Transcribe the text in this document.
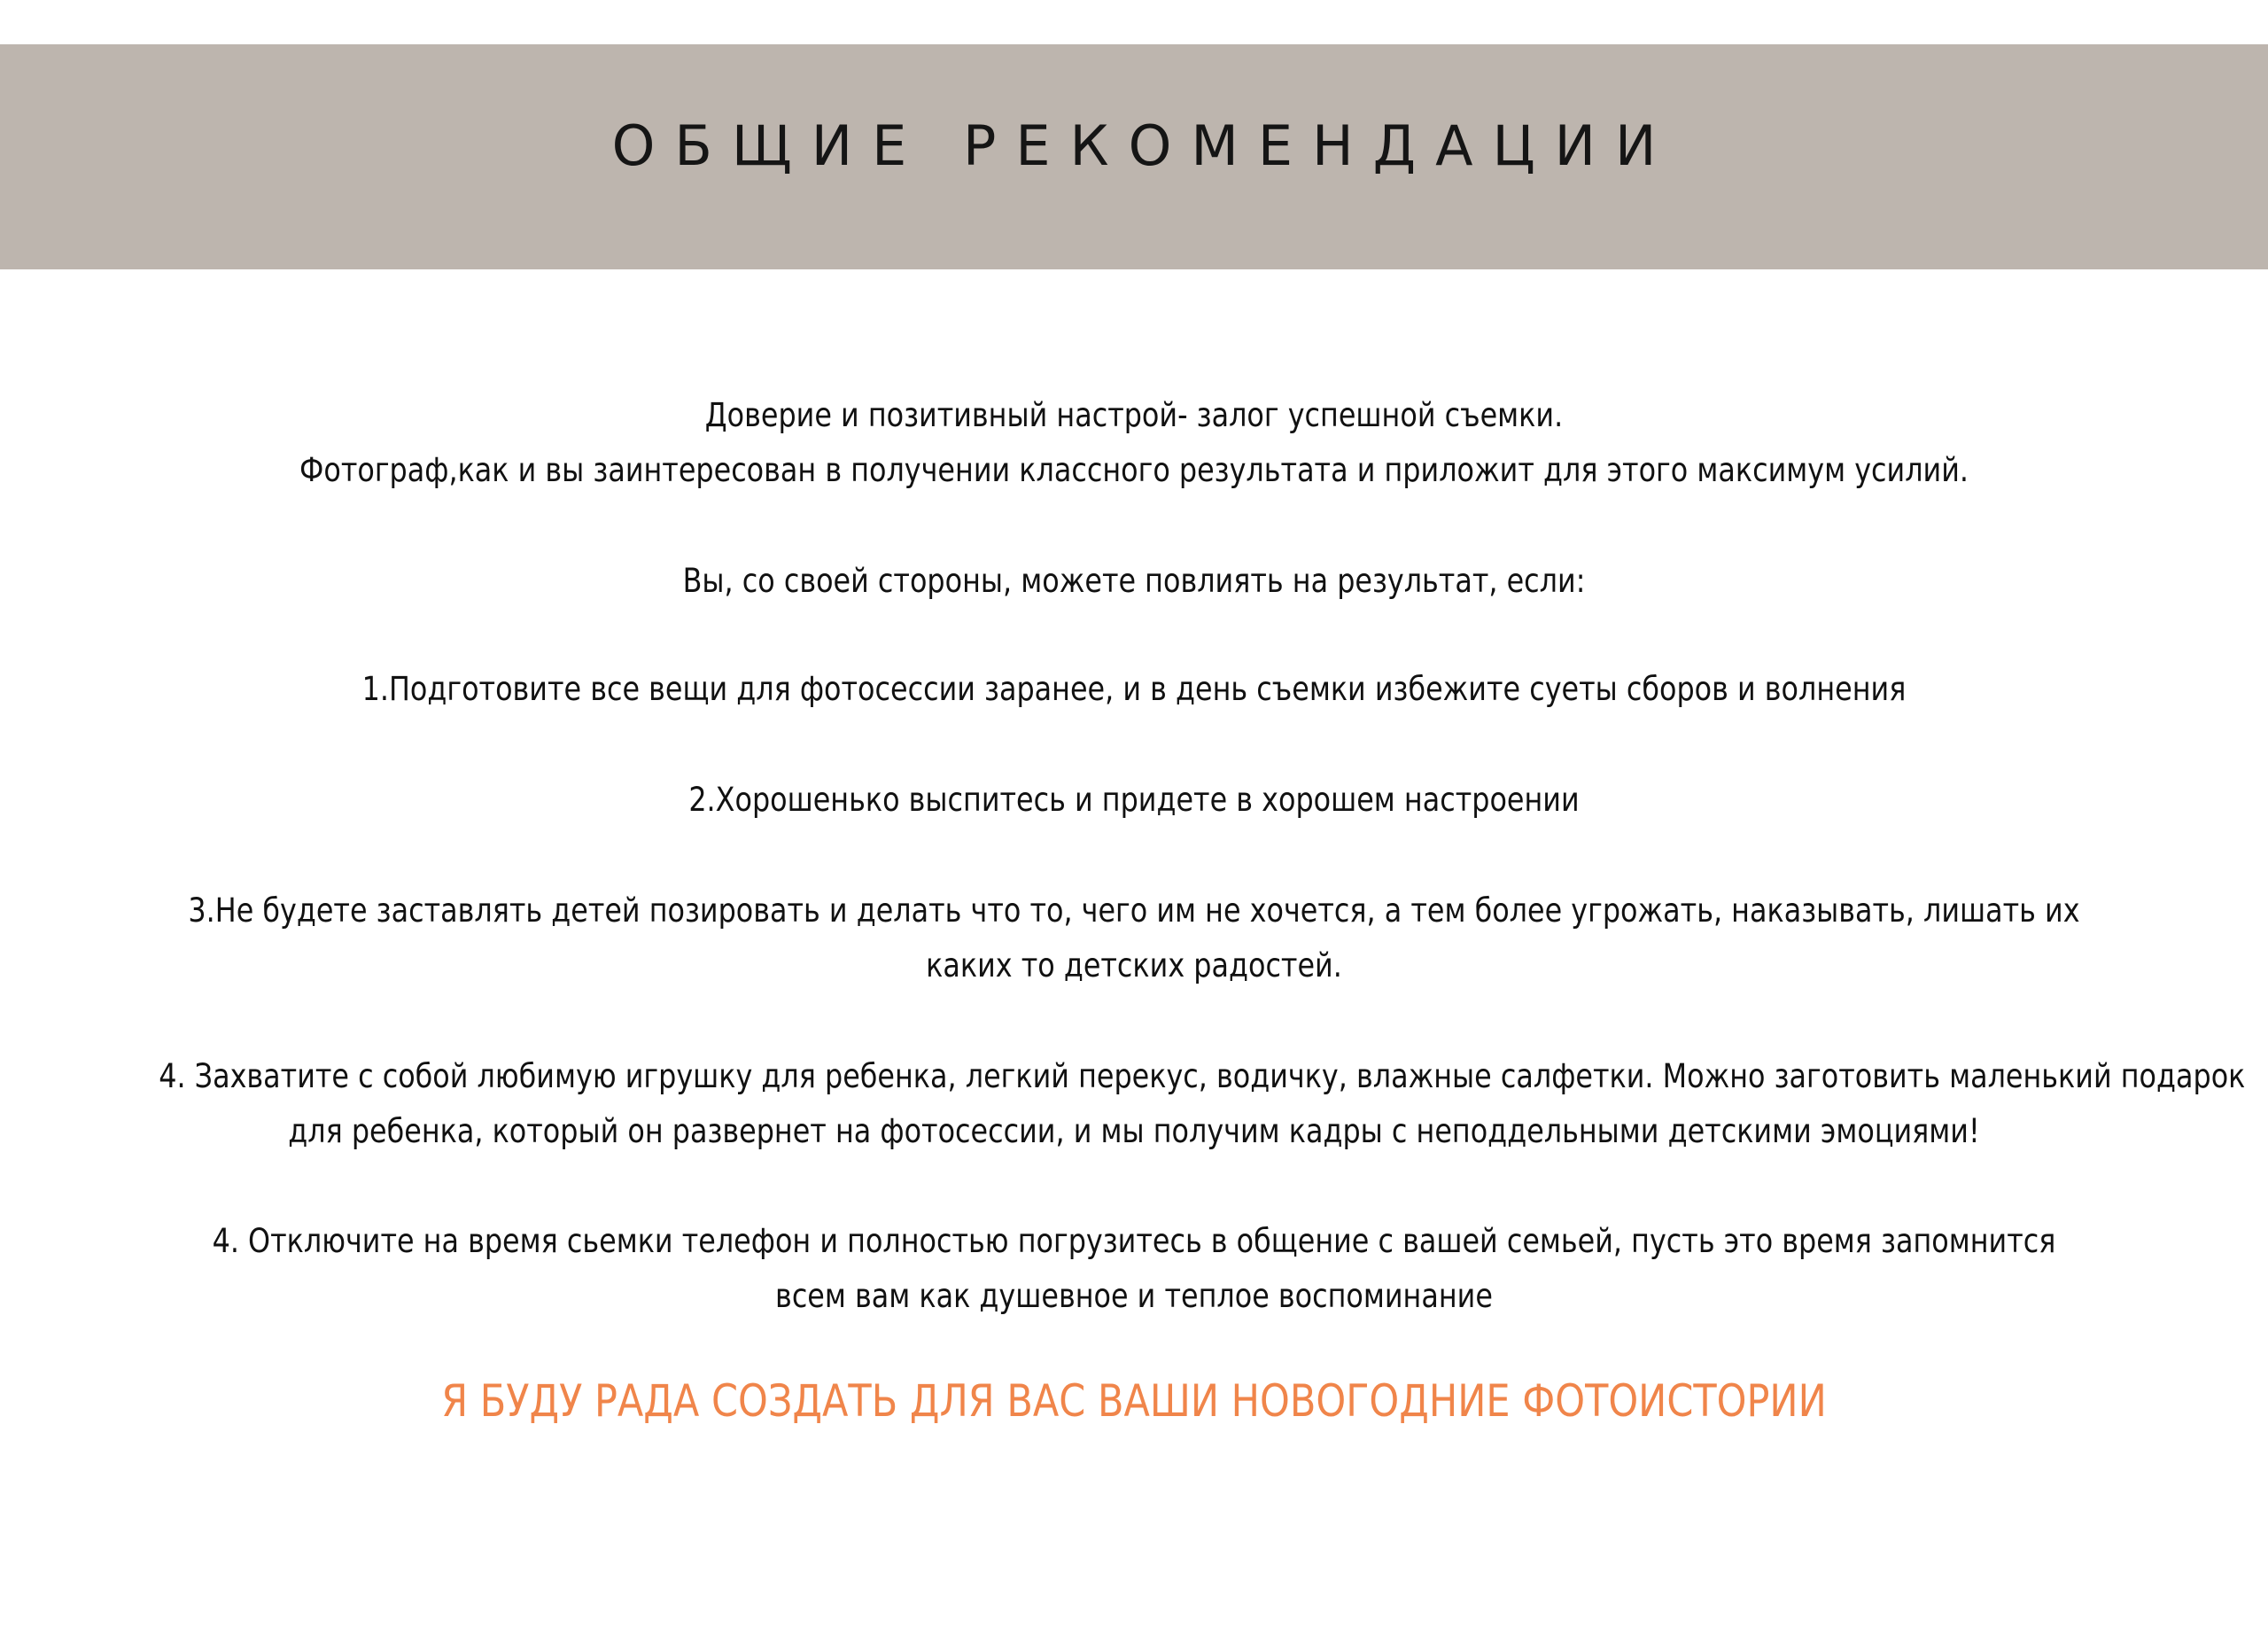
ОБЩИЕ РЕКОМЕНДАЦИИ
Доверие и позитивный настрой- залог успешной съемки.
Фотограф,как и вы заинтересован в получении классного результата и приложит для этого максимум усилий.
Вы, со своей стороны, можете повлиять на результат, если:
1.Подготовите все вещи для фотосессии заранее, и в день съемки избежите суеты сборов и волнения
2.Хорошенько выспитесь и придете в хорошем настроении
3.Не будете заставлять детей позировать и делать что то, чего им не хочется, а тем более угрожать, наказывать, лишать их
каких то детских радостей.
4. Захватите с собой любимую игрушку для ребенка, легкий перекус, водичку, влажные салфетки. Можно заготовить маленький подарок
для ребенка, который он развернет на фотосессии, и мы получим кадры с неподдельными детскими эмоциями!
4. Отключите на время сьемки телефон и полностью погрузитесь в общение с вашей семьей, пусть это время запомнится
всем вам как душевное и теплое воспоминание
Я БУДУ РАДА СОЗДАТЬ ДЛЯ ВАС ВАШИ НОВОГОДНИЕ ФОТОИСТОРИИ
